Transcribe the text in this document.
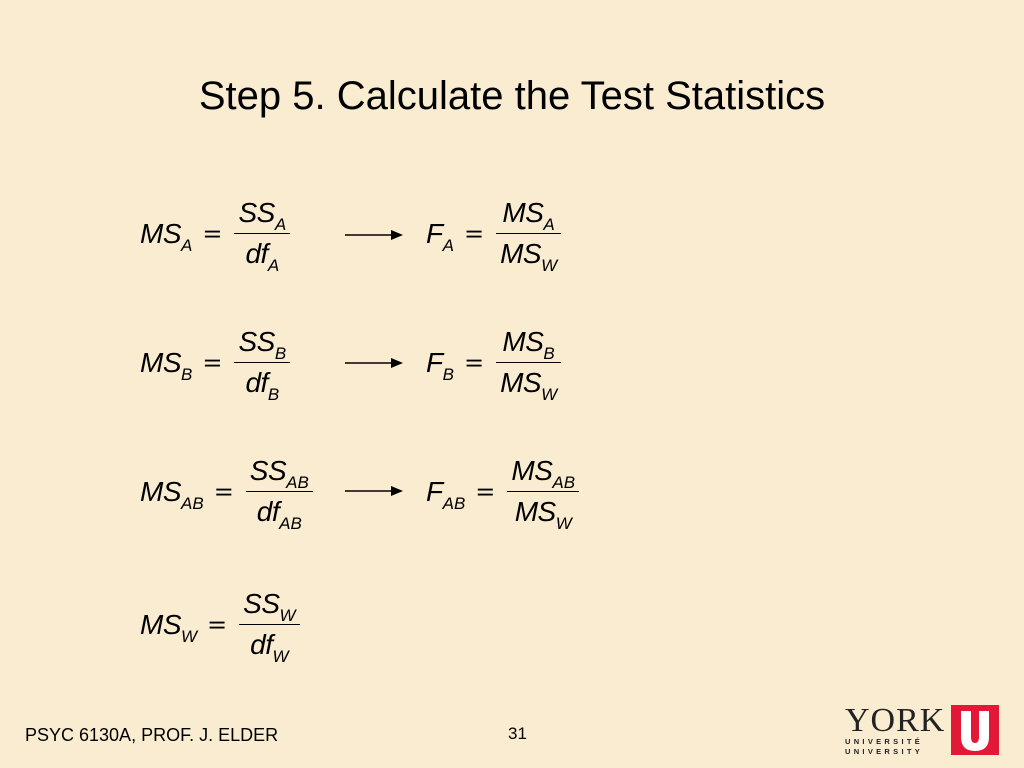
Step 5. Calculate the Test Statistics
$MS_A = \frac{SS_A}{df_A}$	$F_A = \frac{MS_A}{MS_W}$
$MS_B = \frac{SS_B}{df_B}$	$F_B = \frac{MS_B}{MS_W}$
$MS_{AB} = \frac{SS_{AB}}{df_{AB}}$	$F_{AB} = \frac{MS_{AB}}{MS_W}$
$MS_W = \frac{SS_W}{df_W}$
PSYC 6130A, PROF. J. ELDER	31	YORK
UNIVERSITÉ
UNIVERSITY
